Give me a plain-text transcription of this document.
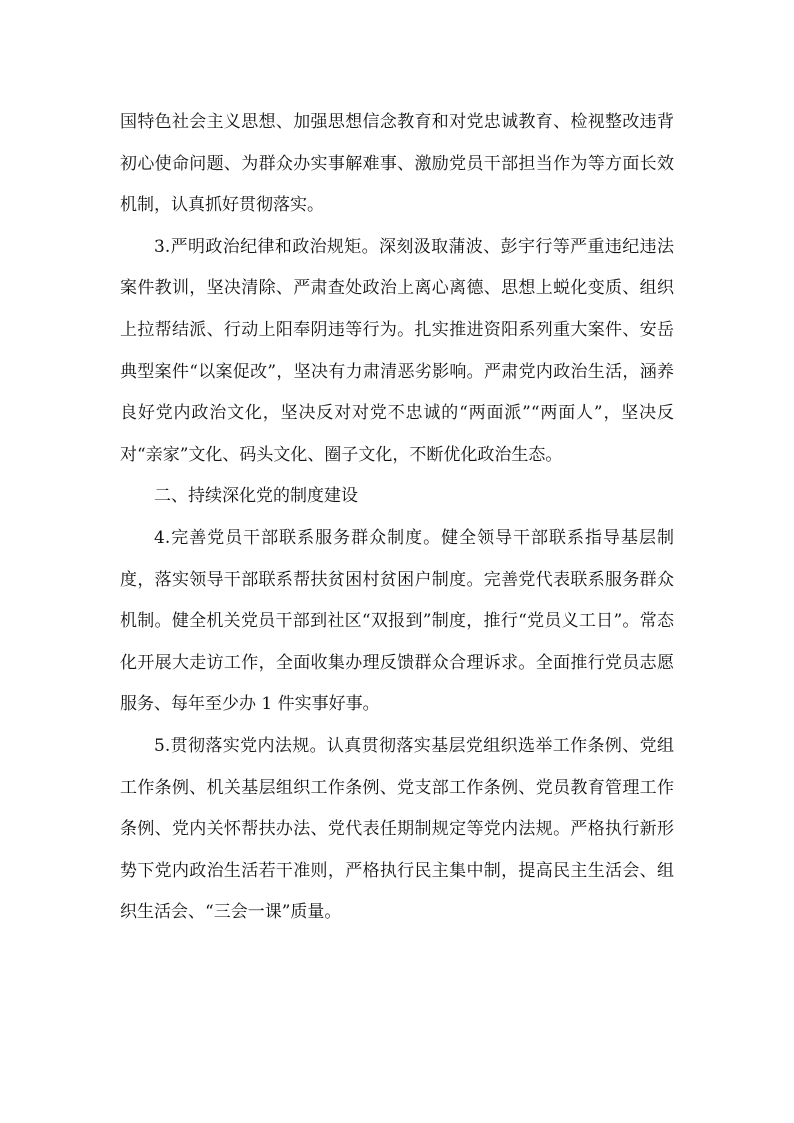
国特色社会主义思想、加强思想信念教育和对党忠诚教育、检视整改违背初心使命问题、为群众办实事解难事、激励党员干部担当作为等方面长效机制，认真抓好贯彻落实。

3.严明政治纪律和政治规矩。深刻汲取蒲波、彭宇行等严重违纪违法案件教训，坚决清除、严肃查处政治上离心离德、思想上蜕化变质、组织上拉帮结派、行动上阳奉阴违等行为。扎实推进资阳系列重大案件、安岳典型案件“以案促改”，坚决有力肃清恶劣影响。严肃党内政治生活，涵养良好党内政治文化，坚决反对对党不忠诚的“两面派”“两面人”，坚决反对“亲家”文化、码头文化、圈子文化，不断优化政治生态。

二、持续深化党的制度建设

4.完善党员干部联系服务群众制度。健全领导干部联系指导基层制度，落实领导干部联系帮扶贫困村贫困户制度。完善党代表联系服务群众机制。健全机关党员干部到社区“双报到”制度，推行“党员义工日”。常态化开展大走访工作，全面收集办理反馈群众合理诉求。全面推行党员志愿服务、每年至少办 1 件实事好事。

5.贯彻落实党内法规。认真贯彻落实基层党组织选举工作条例、党组工作条例、机关基层组织工作条例、党支部工作条例、党员教育管理工作条例、党内关怀帮扶办法、党代表任期制规定等党内法规。严格执行新形势下党内政治生活若干准则，严格执行民主集中制，提高民主生活会、组织生活会、“三会一课”质量。
